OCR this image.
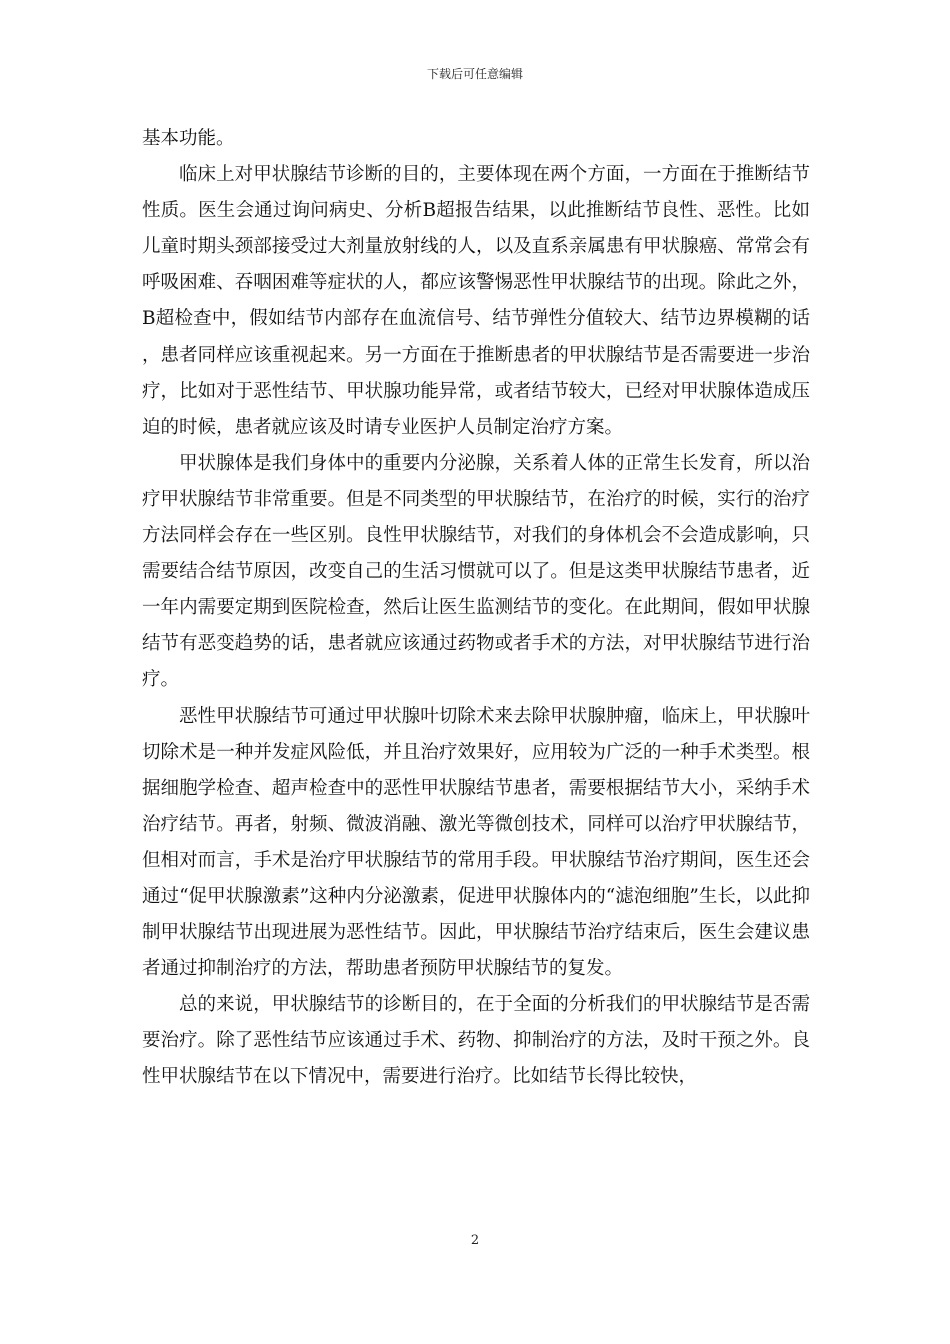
下载后可任意编辑

基本功能。

临床上对甲状腺结节诊断的目的，主要体现在两个方面，一方面在于推断结节性质。医生会通过询问病史、分析B超报告结果，以此推断结节良性、恶性。比如儿童时期头颈部接受过大剂量放射线的人，以及直系亲属患有甲状腺癌、常常会有呼吸困难、吞咽困难等症状的人，都应该警惕恶性甲状腺结节的出现。除此之外，B超检查中，假如结节内部存在血流信号、结节弹性分值较大、结节边界模糊的话，患者同样应该重视起来。另一方面在于推断患者的甲状腺结节是否需要进一步治疗，比如对于恶性结节、甲状腺功能异常，或者结节较大，已经对甲状腺体造成压迫的时候，患者就应该及时请专业医护人员制定治疗方案。

甲状腺体是我们身体中的重要内分泌腺，关系着人体的正常生长发育，所以治疗甲状腺结节非常重要。但是不同类型的甲状腺结节，在治疗的时候，实行的治疗方法同样会存在一些区别。良性甲状腺结节，对我们的身体机会不会造成影响，只需要结合结节原因，改变自己的生活习惯就可以了。但是这类甲状腺结节患者，近一年内需要定期到医院检查，然后让医生监测结节的变化。在此期间，假如甲状腺结节有恶变趋势的话，患者就应该通过药物或者手术的方法，对甲状腺结节进行治疗。

恶性甲状腺结节可通过甲状腺叶切除术来去除甲状腺肿瘤，临床上，甲状腺叶切除术是一种并发症风险低，并且治疗效果好，应用较为广泛的一种手术类型。根据细胞学检查、超声检查中的恶性甲状腺结节患者，需要根据结节大小，采纳手术治疗结节。再者，射频、微波消融、激光等微创技术，同样可以治疗甲状腺结节，但相对而言，手术是治疗甲状腺结节的常用手段。甲状腺结节治疗期间，医生还会通过“促甲状腺激素”这种内分泌激素，促进甲状腺体内的“滤泡细胞”生长，以此抑制甲状腺结节出现进展为恶性结节。因此，甲状腺结节治疗结束后，医生会建议患者通过抑制治疗的方法，帮助患者预防甲状腺结节的复发。

总的来说，甲状腺结节的诊断目的，在于全面的分析我们的甲状腺结节是否需要治疗。除了恶性结节应该通过手术、药物、抑制治疗的方法，及时干预之外。良性甲状腺结节在以下情况中，需要进行治疗。比如结节长得比较快，

2
